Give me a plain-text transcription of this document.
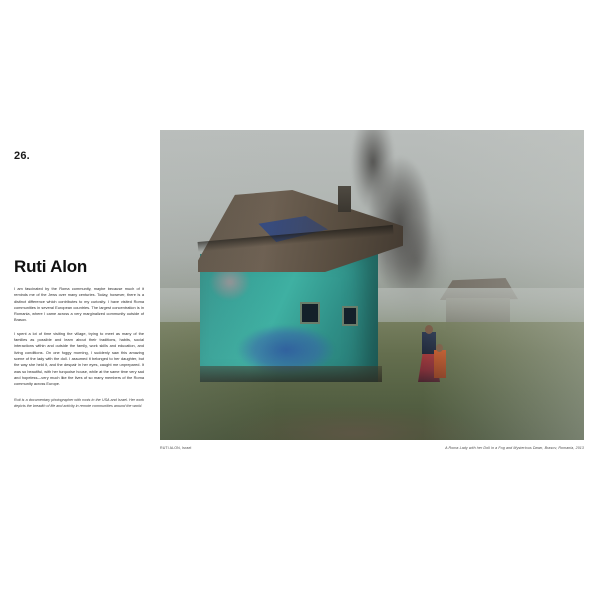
26.
Ruti Alon

I am fascinated by the Roma community, maybe because much of it reminds me of the Jews over many centuries. Today, however, there is a distinct difference which contributes to my curiosity. I have visited Roma communities in several European countries. The largest concentration is in Romania, where I came across a very marginalized community outside of Brasov.

I spent a lot of time visiting the village, trying to meet as many of the families as possible and learn about their traditions, habits, social interactions within and outside the family, work skills and education, and living conditions. On one foggy morning, I suddenly saw this amazing scene of the lady with the doll. I assumed it belonged to her daughter, but the way she held it, and the despair in her eyes, caught me unprepared. It was so beautiful, with her turquoise house, while at the same time very sad and hopeless—very much like the lives of so many members of the Roma community across Europe.

Ruti is a documentary photographer with roots in the USA and Israel. Her work depicts the breadth of life and activity in remote communities around the world.

RUTI ALON, Israel	A Roma Lady with her Doll in a Fog and Mysterious Dawn, Brasov, Romania, 2013
